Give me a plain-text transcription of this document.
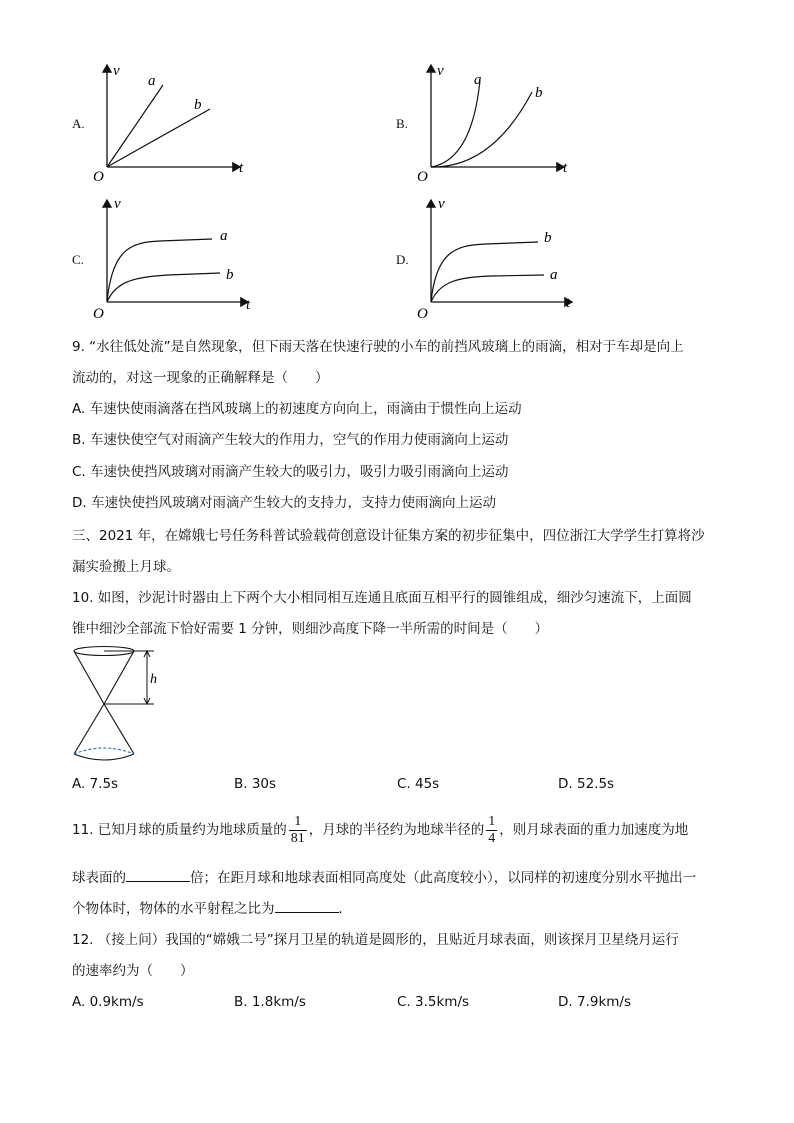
A.
v
t
O
a
b
B.
v
t
O
a
b
C.
v
t
O
a
b
D.
v
t
O
b
a
9. “水往低处流”是自然现象，但下雨天落在快速行驶的小车的前挡风玻璃上的雨滴，相对于车却是向上
流动的，对这一现象的正确解释是（　　）
A. 车速快使雨滴落在挡风玻璃上的初速度方向向上，雨滴由于惯性向上运动
B. 车速快使空气对雨滴产生较大的作用力，空气的作用力使雨滴向上运动
C. 车速快使挡风玻璃对雨滴产生较大的吸引力，吸引力吸引雨滴向上运动
D. 车速快使挡风玻璃对雨滴产生较大的支持力，支持力使雨滴向上运动
三、2021 年，在嫦娥七号任务科普试验载荷创意设计征集方案的初步征集中，四位浙江大学学生打算将沙
漏实验搬上月球。
10. 如图，沙泥计时器由上下两个大小相同相互连通且底面互相平行的圆锥组成，细沙匀速流下，上面圆
锥中细沙全部流下恰好需要 1 分钟，则细沙高度下降一半所需的时间是（　　）
h
A. 7.5s	B. 30s	C. 45s	D. 52.5s
11. 已知月球的质量约为地球质量的 $\frac{1}{81}$ ，月球的半径约为地球半径的 $\frac{1}{4}$ ，则月球表面的重力加速度为地
球表面的	倍；在距月球和地球表面相同高度处（此高度较小），以同样的初速度分别水平抛出一
个物体时，物体的水平射程之比为	．
12. （接上问）我国的“嫦娥二号”探月卫星的轨道是圆形的，且贴近月球表面，则该探月卫星绕月运行
的速率约为（　　）
A. 0.9km/s	B. 1.8km/s	C. 3.5km/s	D. 7.9km/s
